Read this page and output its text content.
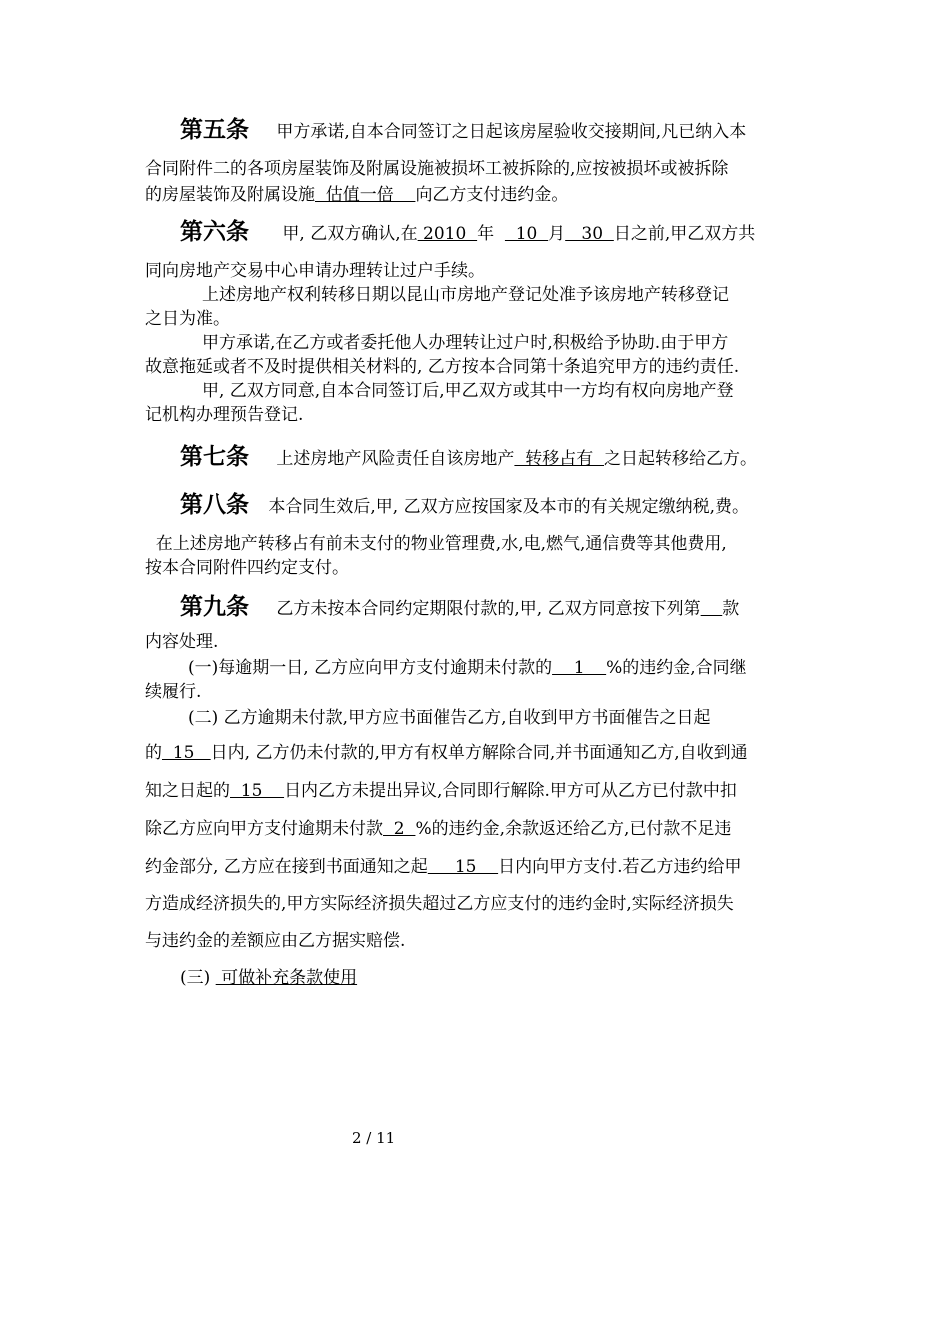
第五条 甲方承诺,自本合同签订之日起该房屋验收交接期间,凡已纳入本
合同附件二的各项房屋装饰及附属设施被损坏工被拆除的,应按被损坏或被拆除
的房屋装饰及附属设施  估值一倍    向乙方支付违约金。
第六条 甲, 乙双方确认,在 2010  年    10  月   30  日之前,甲乙双方共
同向房地产交易中心申请办理转让过户手续。
上述房地产权利转移日期以昆山市房地产登记处准予该房地产转移登记
之日为准。
甲方承诺,在乙方或者委托他人办理转让过户时,积极给予协助.由于甲方
故意拖延或者不及时提供相关材料的, 乙方按本合同第十条追究甲方的违约责任.
甲, 乙双方同意,自本合同签订后,甲乙双方或其中一方均有权向房地产登
记机构办理预告登记.
第七条 上述房地产风险责任自该房地产  转移占有  之日起转移给乙方。
第八条 本合同生效后,甲, 乙双方应按国家及本市的有关规定缴纳税,费。
在上述房地产转移占有前未支付的物业管理费,水,电,燃气,通信费等其他费用,
按本合同附件四约定支付。
第九条 乙方未按本合同约定期限付款的,甲, 乙双方同意按下列第 款
内容处理.
(一)每逾期一日, 乙方应向甲方支付逾期未付款的    1    %的违约金,合同继
续履行.
(二) 乙方逾期未付款,甲方应书面催告乙方,自收到甲方书面催告之日起
的  15   日内, 乙方仍未付款的,甲方有权单方解除合同,并书面通知乙方,自收到通
知之日起的  15    日内乙方未提出异议,合同即行解除.甲方可从乙方已付款中扣
除乙方应向甲方支付逾期未付款  2  %的违约金,余款返还给乙方,已付款不足违
约金部分, 乙方应在接到书面通知之起     15    日内向甲方支付.若乙方违约给甲
方造成经济损失的,甲方实际经济损失超过乙方应支付的违约金时,实际经济损失
与违约金的差额应由乙方据实赔偿.
(三)  可做补充条款使用
2 / 11
